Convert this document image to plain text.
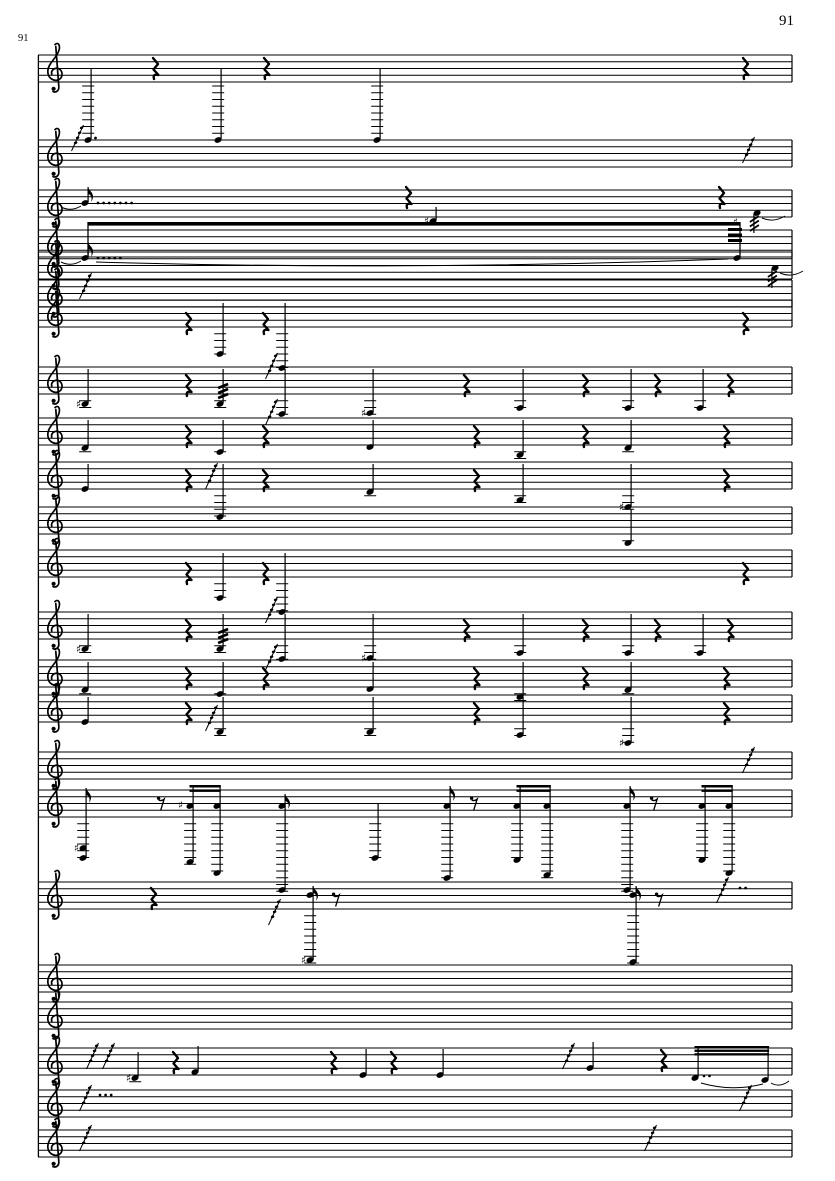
91
91
♯	♯
♯
♯
♯
♯
♯
♯
♯
♯
♯
♯
